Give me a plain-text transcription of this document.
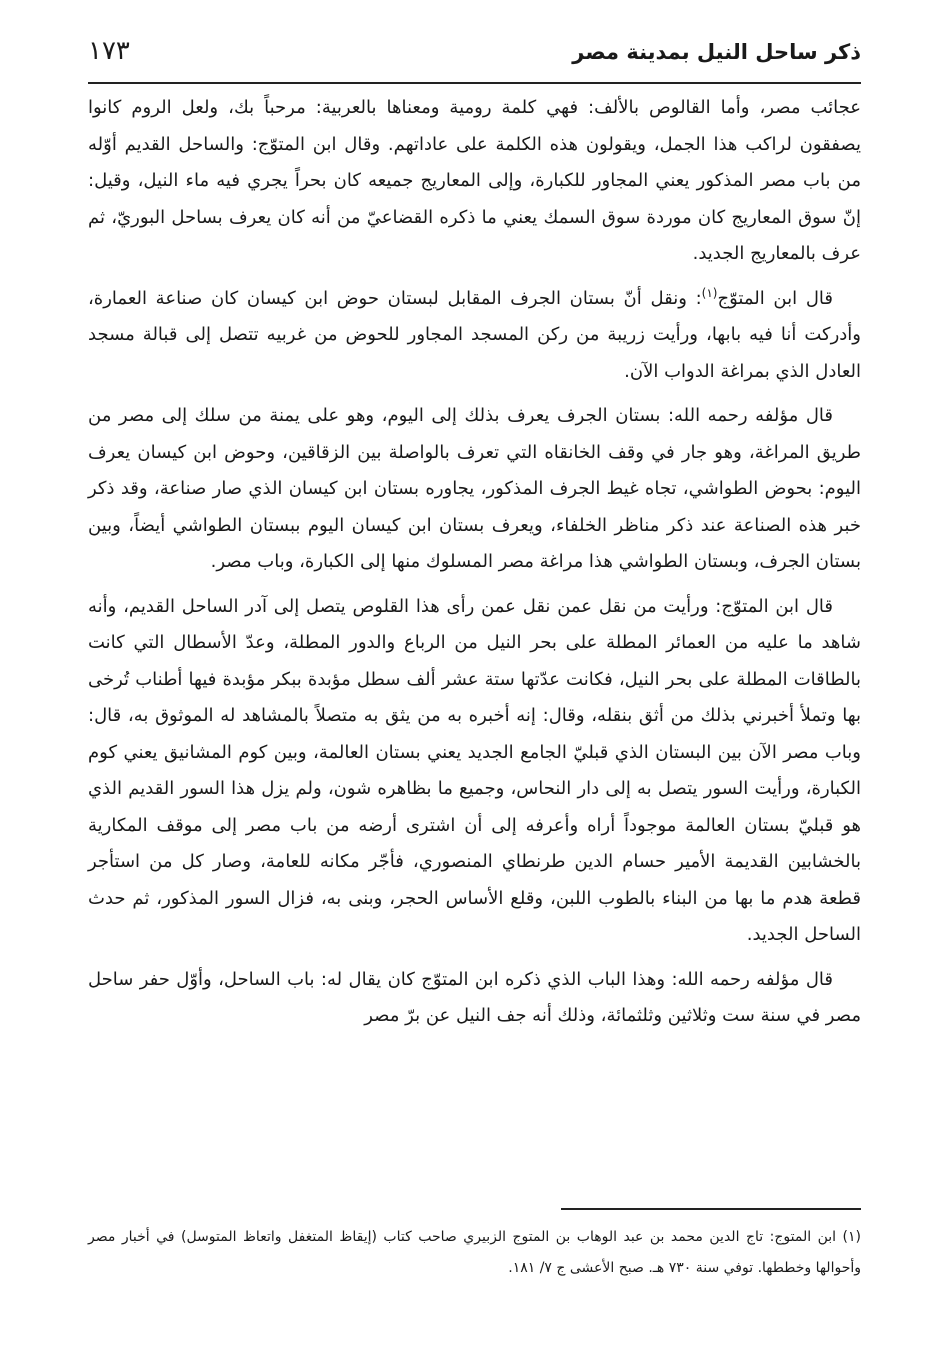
ذكر ساحل النيل بمدينة مصر
١٧٣

عجائب مصر، وأما القالوص بالألف: فهي كلمة رومية ومعناها بالعربية: مرحباً بك، ولعل الروم كانوا يصفقون لراكب هذا الجمل، ويقولون هذه الكلمة على عاداتهم. وقال ابن المتوّج: والساحل القديم أوّله من باب مصر المذكور يعني المجاور للكبارة، وإلى المعاريج جميعه كان بحراً يجري فيه ماء النيل، وقيل: إنّ سوق المعاريج كان موردة سوق السمك يعني ما ذكره القضاعيّ من أنه كان يعرف بساحل البوريّ، ثم عرف بالمعاريج الجديد.

قال ابن المتوّج$^{(١)}$: ونقل أنّ بستان الجرف المقابل لبستان حوض ابن كيسان كان صناعة العمارة، وأدركت أنا فيه بابها، ورأيت زريبة من ركن المسجد المجاور للحوض من غربيه تتصل إلى قبالة مسجد العادل الذي بمراغة الدواب الآن.

قال مؤلفه رحمه الله: بستان الجرف يعرف بذلك إلى اليوم، وهو على يمنة من سلك إلى مصر من طريق المراغة، وهو جار في وقف الخانقاه التي تعرف بالواصلة بين الزقاقين، وحوض ابن كيسان يعرف اليوم: بحوض الطواشي، تجاه غيط الجرف المذكور، يجاوره بستان ابن كيسان الذي صار صناعة، وقد ذكر خبر هذه الصناعة عند ذكر مناظر الخلفاء، ويعرف بستان ابن كيسان اليوم ببستان الطواشي أيضاً، وبين بستان الجرف، وبستان الطواشي هذا مراغة مصر المسلوك منها إلى الكبارة، وباب مصر.

قال ابن المتوّج: ورأيت من نقل عمن نقل عمن رأى هذا القلوص يتصل إلى آدر الساحل القديم، وأنه شاهد ما عليه من العمائر المطلة على بحر النيل من الرباع والدور المطلة، وعدّ الأسطال التي كانت بالطاقات المطلة على بحر النيل، فكانت عدّتها ستة عشر ألف سطل مؤبدة ببكر مؤبدة فيها أطناب تُرخى بها وتملأ أخبرني بذلك من أثق بنقله، وقال: إنه أخبره به من يثق به متصلاً بالمشاهد له الموثوق به، قال: وباب مصر الآن بين البستان الذي قبليّ الجامع الجديد يعني بستان العالمة، وبين كوم المشانيق يعني كوم الكبارة، ورأيت السور يتصل به إلى دار النحاس، وجميع ما بظاهره شون، ولم يزل هذا السور القديم الذي هو قبليّ بستان العالمة موجوداً أراه وأعرفه إلى أن اشترى أرضه من باب مصر إلى موقف المكارية بالخشابين القديمة الأمير حسام الدين طرنطاي المنصوري، فأجّر مكانه للعامة، وصار كل من استأجر قطعة هدم ما بها من البناء بالطوب اللبن، وقلع الأساس الحجر، وبنى به، فزال السور المذكور، ثم حدث الساحل الجديد.

قال مؤلفه رحمه الله: وهذا الباب الذي ذكره ابن المتوّج كان يقال له: باب الساحل، وأوّل حفر ساحل مصر في سنة ست وثلاثين وثلثمائة، وذلك أنه جف النيل عن برّ مصر

(١) ابن المتوج: تاج الدين محمد بن عبد الوهاب بن المتوج الزبيري صاحب كتاب (إيقاظ المتغفل واتعاظ المتوسل) في أخبار مصر وأحوالها وخططها. توفي سنة ٧٣٠ هـ. صبح الأعشى ج ٧/ ١٨١.
